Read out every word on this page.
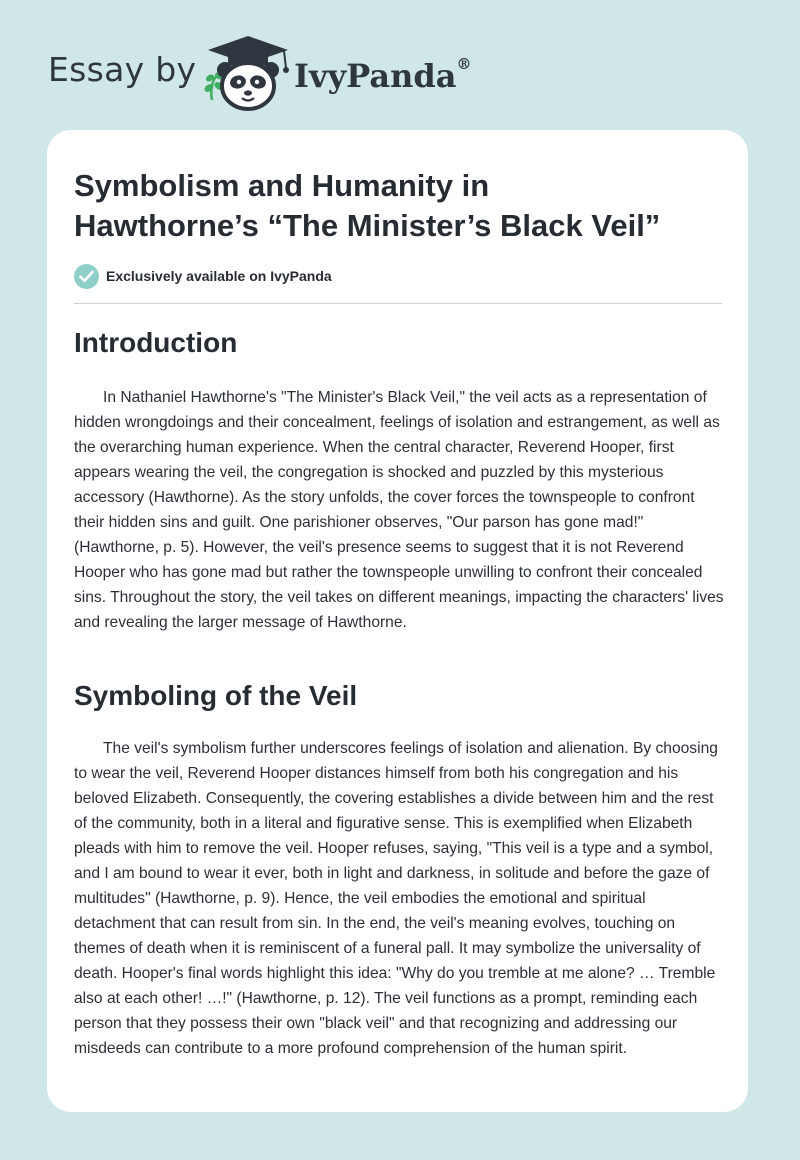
Essay by	IvyPanda®
Symbolism and Humanity in
Hawthorne’s “The Minister’s Black Veil”
Exclusively available on IvyPanda
Introduction

In Nathaniel Hawthorne's "The Minister's Black Veil," the veil acts as a representation of hidden wrongdoings and their concealment, feelings of isolation and estrangement, as well as the overarching human experience. When the central character, Reverend Hooper, first appears wearing the veil, the congregation is shocked and puzzled by this mysterious accessory (Hawthorne). As the story unfolds, the cover forces the townspeople to confront their hidden sins and guilt. One parishioner observes, "Our parson has gone mad!" (Hawthorne, p. 5). However, the veil's presence seems to suggest that it is not Reverend Hooper who has gone mad but rather the townspeople unwilling to confront their concealed sins. Throughout the story, the veil takes on different meanings, impacting the characters' lives and revealing the larger message of Hawthorne.

Symboling of the Veil

The veil's symbolism further underscores feelings of isolation and alienation. By choosing to wear the veil, Reverend Hooper distances himself from both his congregation and his beloved Elizabeth. Consequently, the covering establishes a divide between him and the rest of the community, both in a literal and figurative sense. This is exemplified when Elizabeth pleads with him to remove the veil. Hooper refuses, saying, "This veil is a type and a symbol, and I am bound to wear it ever, both in light and darkness, in solitude and before the gaze of multitudes" (Hawthorne, p. 9). Hence, the veil embodies the emotional and spiritual detachment that can result from sin. In the end, the veil's meaning evolves, touching on themes of death when it is reminiscent of a funeral pall. It may symbolize the universality of death. Hooper's final words highlight this idea: "Why do you tremble at me alone? … Tremble also at each other! …!" (Hawthorne, p. 12). The veil functions as a prompt, reminding each person that they possess their own "black veil" and that recognizing and addressing our misdeeds can contribute to a more profound comprehension of the human spirit.
